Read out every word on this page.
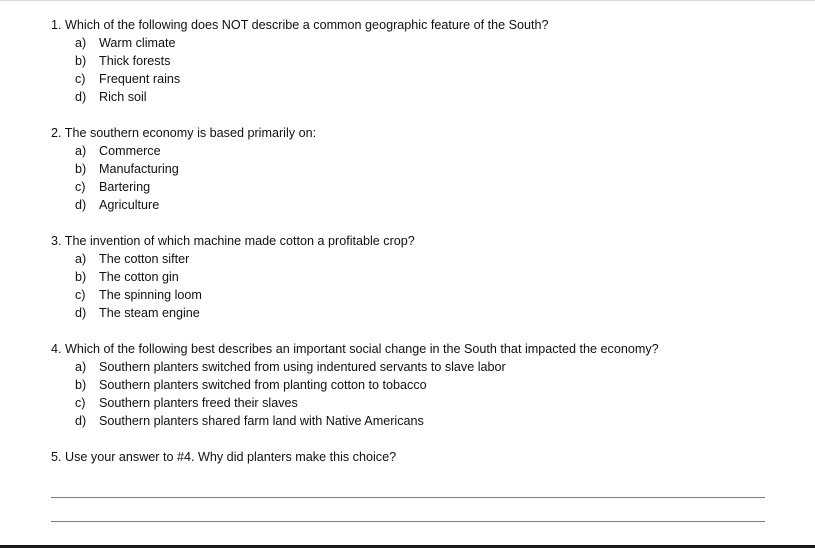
1. Which of the following does NOT describe a common geographic feature of the South?

a)	Warm climate
b)	Thick forests
c)	Frequent rains
d)	Rich soil

2. The southern economy is based primarily on:

a)	Commerce
b)	Manufacturing
c)	Bartering
d)	Agriculture

3. The invention of which machine made cotton a profitable crop?

a)	The cotton sifter
b)	The cotton gin
c)	The spinning loom
d)	The steam engine

4. Which of the following best describes an important social change in the South that impacted the economy?

a)	Southern planters switched from using indentured servants to slave labor
b)	Southern planters switched from planting cotton to tobacco
c)	Southern planters freed their slaves
d)	Southern planters shared farm land with Native Americans

5. Use your answer to #4. Why did planters make this choice?
